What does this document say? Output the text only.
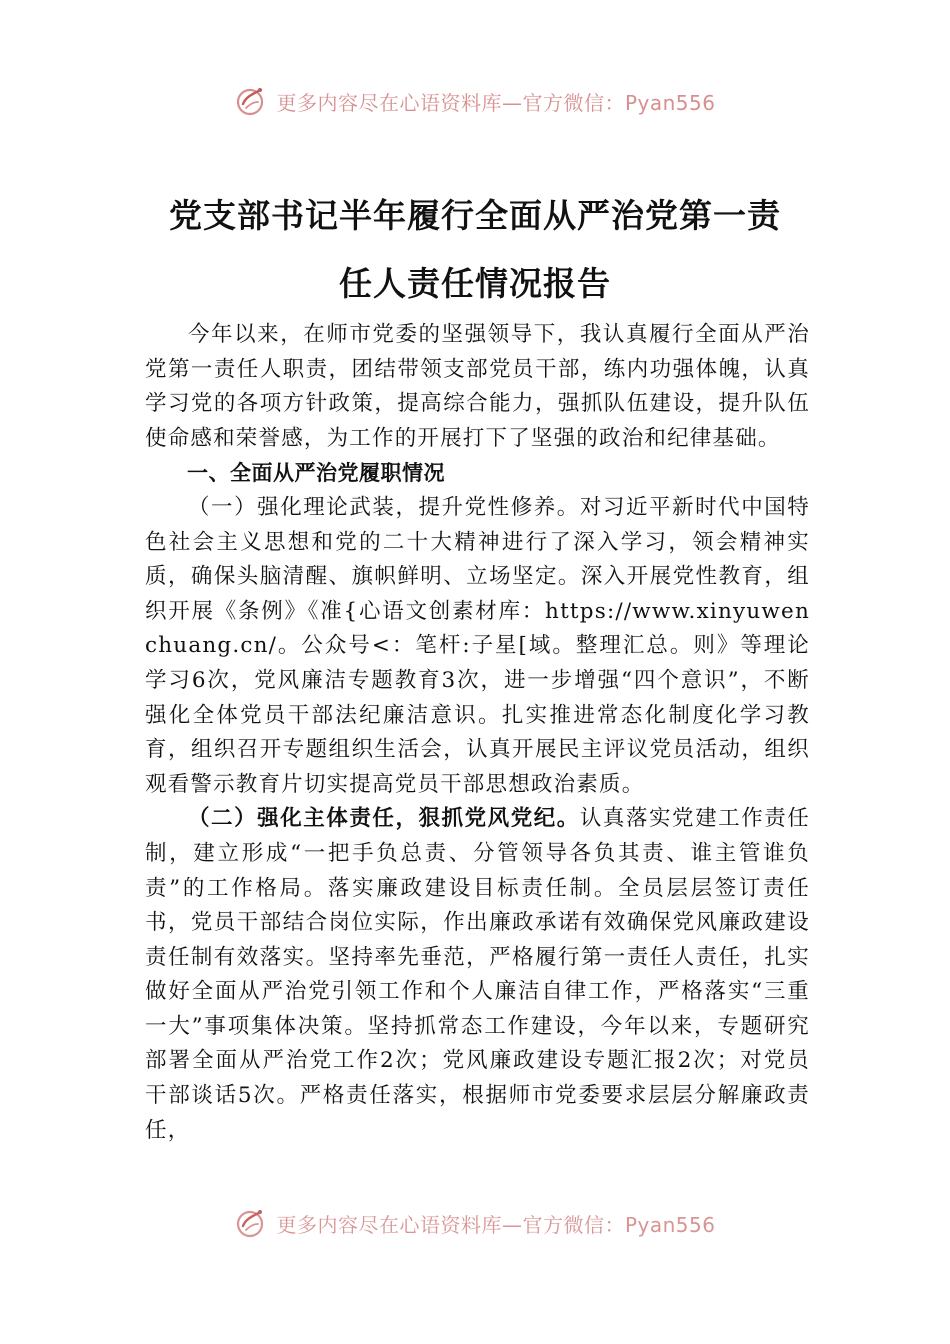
更多内容尽在心语资料库—官方微信：Pyan556
党支部书记半年履行全面从严治党第一责
任人责任情况报告

今年以来，在师市党委的坚强领导下，我认真履行全面从严治党第一责任人职责，团结带领支部党员干部，练内功强体魄，认真学习党的各项方针政策，提高综合能力，强抓队伍建设，提升队伍使命感和荣誉感，为工作的开展打下了坚强的政治和纪律基础。

一、全面从严治党履职情况

（一）强化理论武装，提升党性修养。对习近平新时代中国特色社会主义思想和党的二十大精神进行了深入学习，领会精神实质，确保头脑清醒、旗帜鲜明、立场坚定。深入开展党性教育，组织开展《条例》《准{心语文创素材库：https://www.xinyuwenchuang.cn/。公众号<：笔杆:子星[域。整理汇总。则》等理论学习6次，党风廉洁专题教育3次，进一步增强“四个意识”，不断强化全体党员干部法纪廉洁意识。扎实推进常态化制度化学习教育，组织召开专题组织生活会，认真开展民主评议党员活动，组织观看警示教育片切实提高党员干部思想政治素质。

（二）强化主体责任，狠抓党风党纪。认真落实党建工作责任制，建立形成“一把手负总责、分管领导各负其责、谁主管谁负责”的工作格局。落实廉政建设目标责任制。全员层层签订责任书，党员干部结合岗位实际，作出廉政承诺有效确保党风廉政建设责任制有效落实。坚持率先垂范，严格履行第一责任人责任，扎实做好全面从严治党引领工作和个人廉洁自律工作，严格落实“三重一大”事项集体决策。坚持抓常态工作建设，今年以来，专题研究部署全面从严治党工作2次；党风廉政建设专题汇报2次；对党员干部谈话5次。严格责任落实，根据师市党委要求层层分解廉政责任，

更多内容尽在心语资料库—官方微信：Pyan556
